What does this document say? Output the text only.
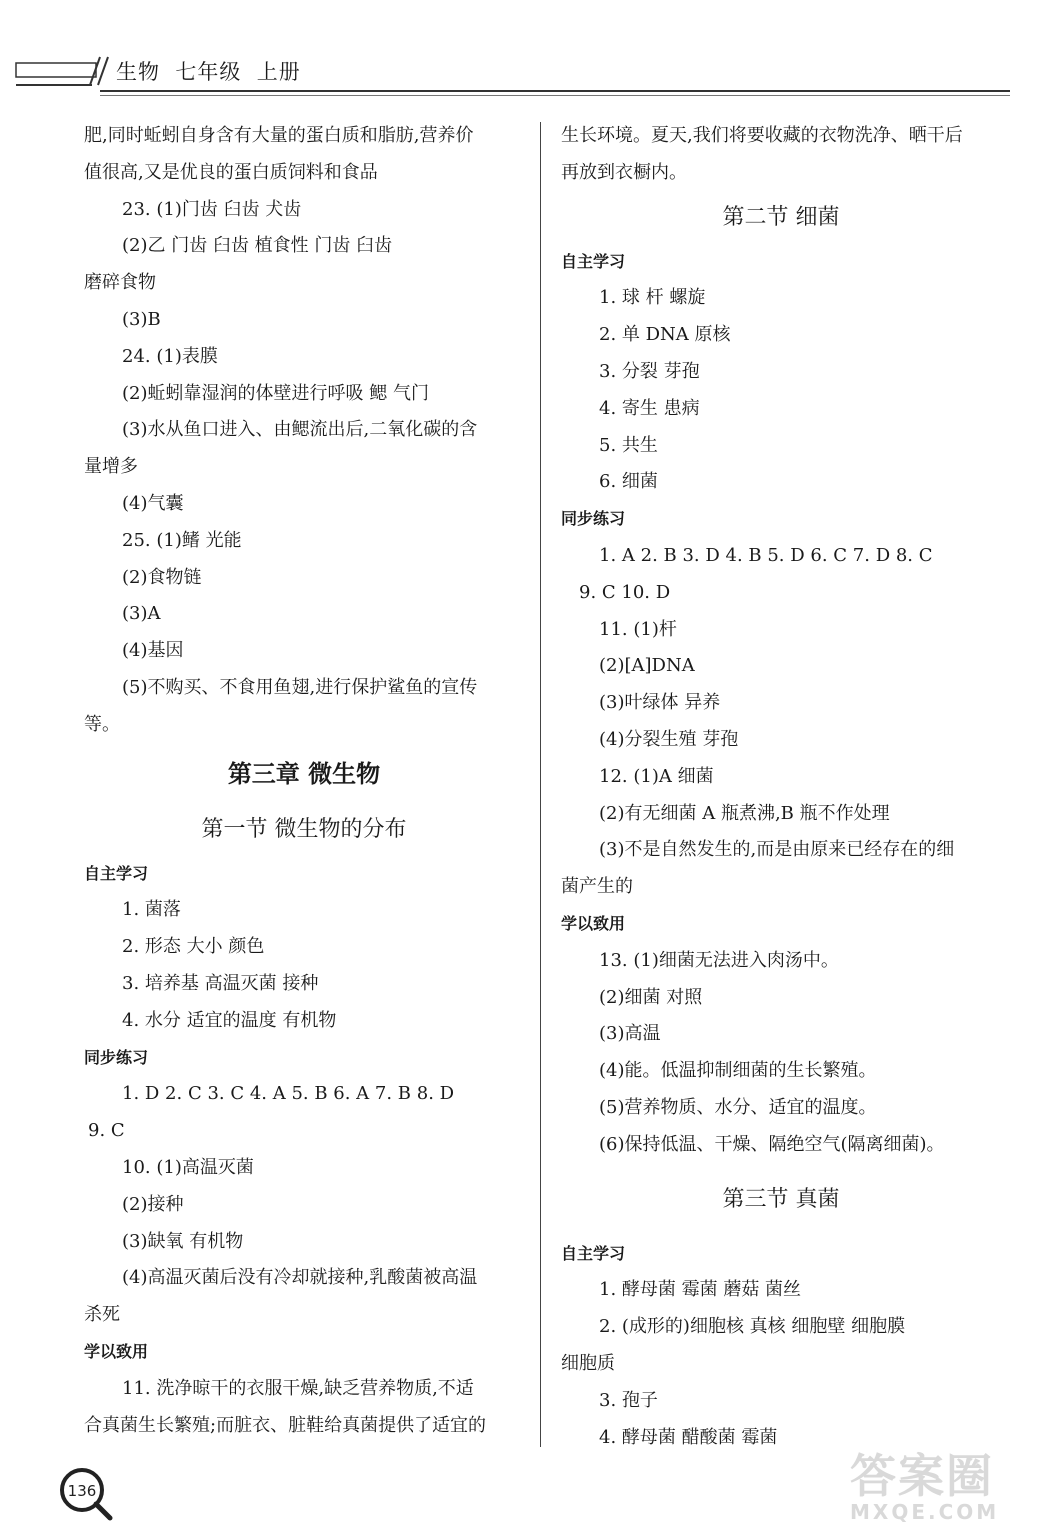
生物  七年级  上册
肥,同时蚯蚓自身含有大量的蛋白质和脂肪,营养价
值很高,又是优良的蛋白质饲料和食品
23. (1)门齿 臼齿 犬齿
(2)乙 门齿 臼齿 植食性 门齿 臼齿
磨碎食物
(3)B
24. (1)表膜
(2)蚯蚓靠湿润的体壁进行呼吸 鳃 气门
(3)水从鱼口进入、由鳃流出后,二氧化碳的含
量增多
(4)气囊
25. (1)鳍 光能
(2)食物链
(3)A
(4)基因
(5)不购买、不食用鱼翅,进行保护鲨鱼的宣传
等。
第三章 微生物
第一节 微生物的分布
自主学习
1. 菌落
2. 形态 大小 颜色
3. 培养基 高温灭菌 接种
4. 水分 适宜的温度 有机物
同步练习
1. D 2. C 3. C 4. A 5. B 6. A 7. B 8. D
9. C
10. (1)高温灭菌
(2)接种
(3)缺氧 有机物
(4)高温灭菌后没有冷却就接种,乳酸菌被高温
杀死
学以致用
11. 洗净晾干的衣服干燥,缺乏营养物质,不适
合真菌生长繁殖;而脏衣、脏鞋给真菌提供了适宜的
生长环境。夏天,我们将要收藏的衣物洗净、晒干后
再放到衣橱内。
第二节 细菌
自主学习
1. 球 杆 螺旋
2. 单 DNA 原核
3. 分裂 芽孢
4. 寄生 患病
5. 共生
6. 细菌
同步练习
1. A 2. B 3. D 4. B 5. D 6. C 7. D 8. C
9. C 10. D
11. (1)杆
(2)[A]DNA
(3)叶绿体 异养
(4)分裂生殖 芽孢
12. (1)A 细菌
(2)有无细菌 A 瓶煮沸,B 瓶不作处理
(3)不是自然发生的,而是由原来已经存在的细
菌产生的
学以致用
13. (1)细菌无法进入肉汤中。
(2)细菌 对照
(3)高温
(4)能。低温抑制细菌的生长繁殖。
(5)营养物质、水分、适宜的温度。
(6)保持低温、干燥、隔绝空气(隔离细菌)。
第三节 真菌
自主学习
1. 酵母菌 霉菌 蘑菇 菌丝
2. (成形的)细胞核 真核 细胞壁 细胞膜
细胞质
3. 孢子
4. 酵母菌 醋酸菌 霉菌
136	答案圈
MXQE.COM
